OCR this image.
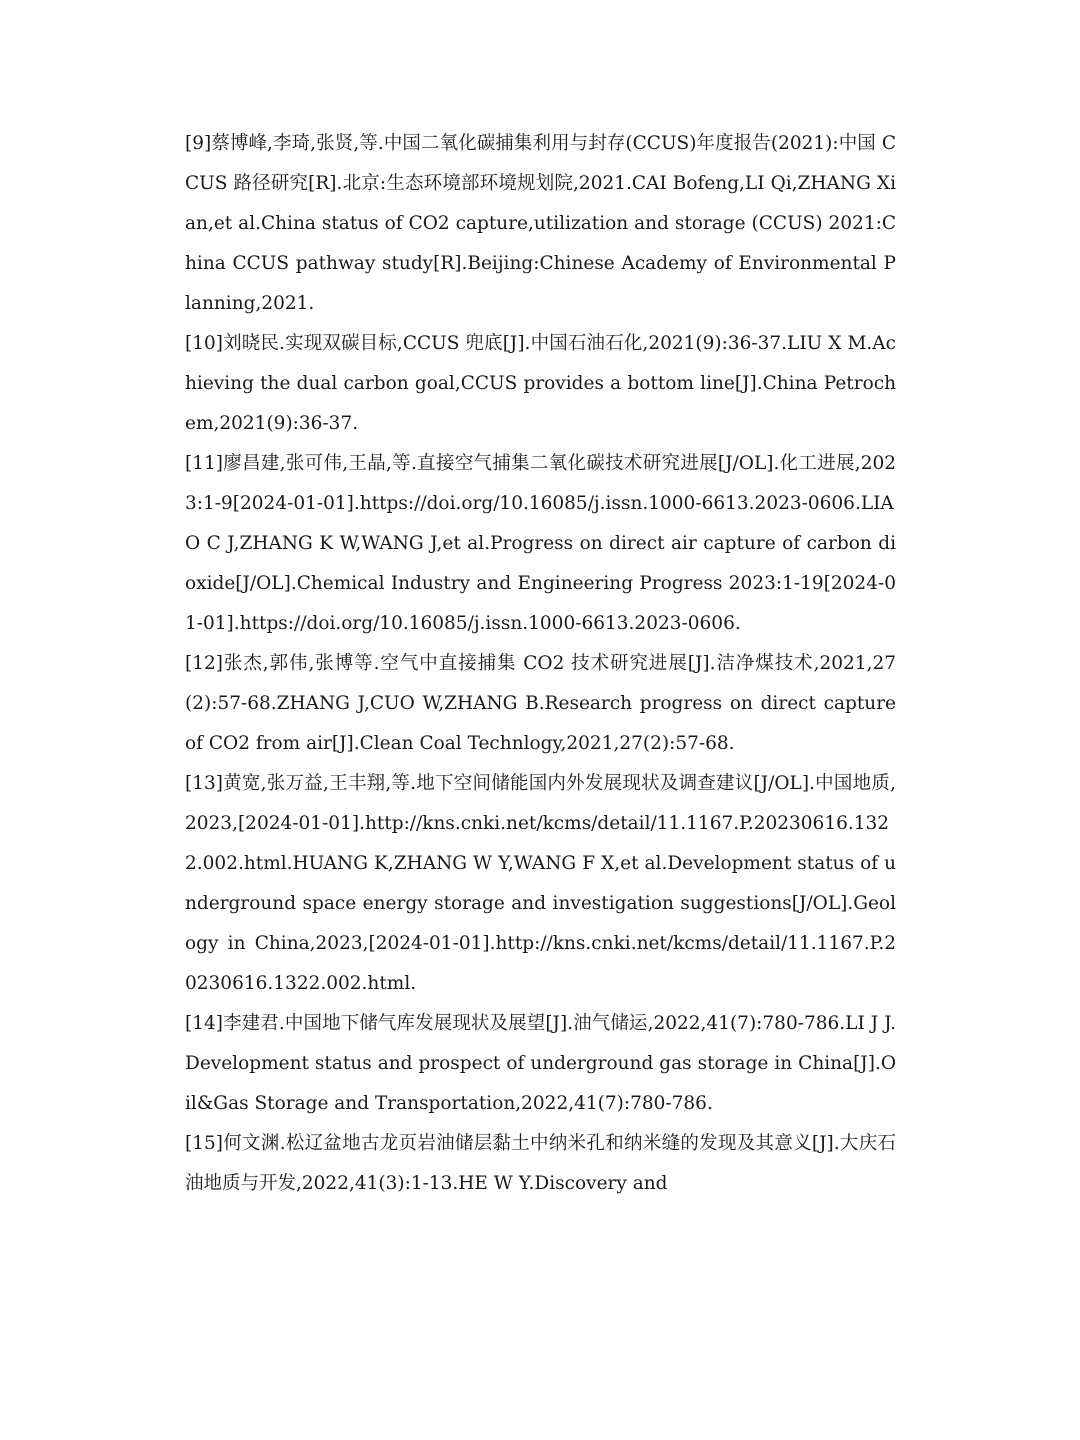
[9]蔡博峰,李琦,张贤,等.中国二氧化碳捕集利用与封存(CCUS)年度报告(2021):中国 CCUS 路径研究[R].北京:生态环境部环境规划院,2021.CAI Bofeng,LI Qi,ZHANG Xian,et al.China status of CO2 capture,utilization and storage (CCUS) 2021:China CCUS pathway study[R].Beijing:Chinese Academy of Environmental Planning,2021.

[10]刘晓民.实现双碳目标,CCUS 兜底[J].中国石油石化,2021(9):36-37.LIU X M.Achieving the dual carbon goal,CCUS provides a bottom line[J].China Petrochem,2021(9):36-37.

[11]廖昌建,张可伟,王晶,等.直接空气捕集二氧化碳技术研究进展[J/OL].化工进展,2023:1-9[2024-01-01].https://doi.org/10.16085/j.issn.1000-6613.2023-0606.LIAO C J,ZHANG K W,WANG J,et al.Progress on direct air capture of carbon dioxide[J/OL].Chemical Industry and Engineering Progress 2023:1-19[2024-01-01].https://doi.org/10.16085/j.issn.1000-6613.2023-0606.

[12]张杰,郭伟,张博等.空气中直接捕集 CO2 技术研究进展[J].洁净煤技术,2021,27(2):57-68.ZHANG J,CUO W,ZHANG B.Research progress on direct capture of CO2 from air[J].Clean Coal Technlogy,2021,27(2):57-68.

[13]黄宽,张万益,王丰翔,等.地下空间储能国内外发展现状及调查建议[J/OL].中国地质,2023,[2024-01-01].http://kns.cnki.net/kcms/detail/11.1167.P.20230616.1322.002.html.HUANG K,ZHANG W Y,WANG F X,et al.Development status of underground space energy storage and investigation suggestions[J/OL].Geology in China,2023,[2024-01-01].http://kns.cnki.net/kcms/detail/11.1167.P.20230616.1322.002.html.

[14]李建君.中国地下储气库发展现状及展望[J].油气储运,2022,41(7):780-786.LI J J.Development status and prospect of underground gas storage in China[J].Oil&Gas Storage and Transportation,2022,41(7):780-786.

[15]何文渊.松辽盆地古龙页岩油储层黏土中纳米孔和纳米缝的发现及其意义[J].大庆石油地质与开发,2022,41(3):1-13.HE W Y.Discovery and
